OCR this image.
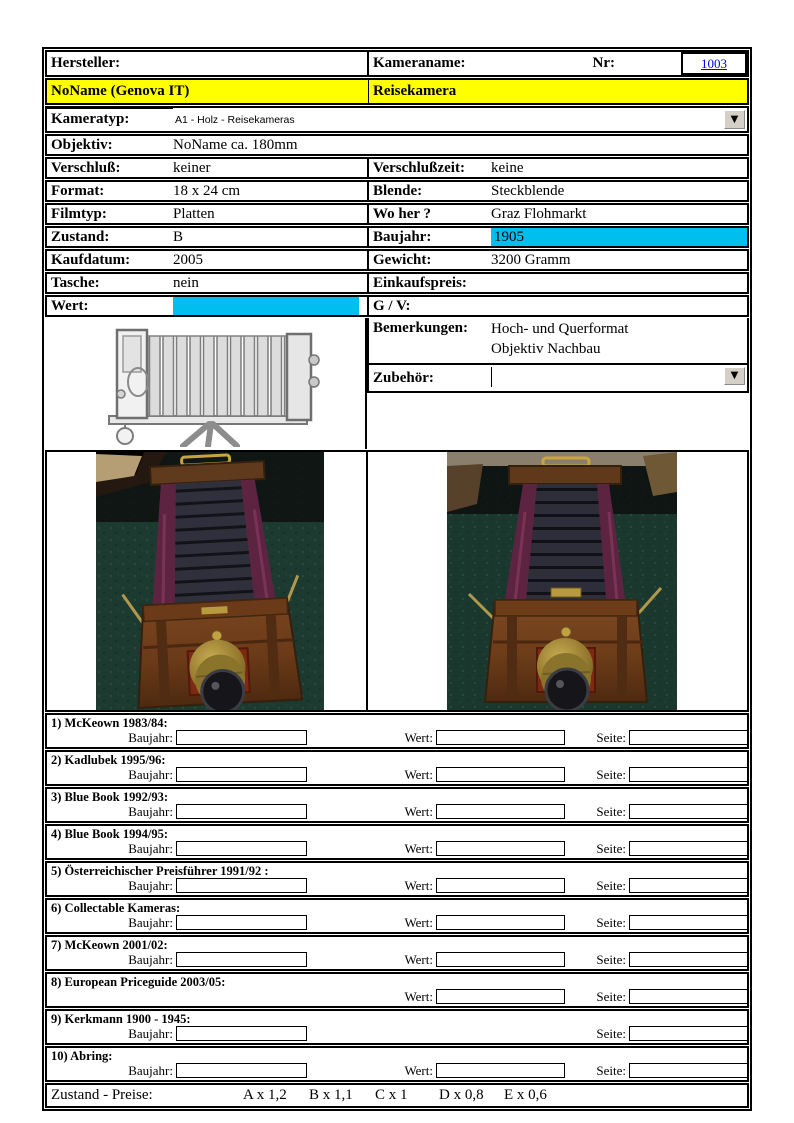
Hersteller:	Kameraname:	Nr:	1003
NoName (Genova IT)	Reisekamera
Kameratyp:	A1 - Holz - Reisekameras	▼
Objektiv:	NoName ca. 180mm
Verschluß:	keiner	Verschlußzeit:	keine
Format:	18 x 24 cm	Blende:	Steckblende
Filmtyp:	Platten	Wo her ?	Graz Flohmarkt
Zustand:	B	Baujahr:	1905
Kaufdatum:	2005	Gewicht:	3200 Gramm
Tasche:	nein	Einkaufspreis:
Wert:	G / V:
Bemerkungen:	Hoch- und Querformat
Objektiv Nachbau
Zubehör:	▼
1) McKeown 1983/84:
Baujahr:	Wert:	Seite:
2) Kadlubek 1995/96:
Baujahr:	Wert:	Seite:
3) Blue Book 1992/93:
Baujahr:	Wert:	Seite:
4) Blue Book 1994/95:
Baujahr:	Wert:	Seite:
5) Österreichischer Preisführer 1991/92 :
Baujahr:	Wert:	Seite:
6) Collectable Kameras:
Baujahr:	Wert:	Seite:
7) McKeown 2001/02:
Baujahr:	Wert:	Seite:
8) European Priceguide 2003/05:
Wert:	Seite:
9) Kerkmann 1900 - 1945:
Baujahr:	Seite:
10) Abring:
Baujahr:	Wert:	Seite:
Zustand - Preise:	A x 1,2 B x 1,1 C x 1 D x 0,8 E x 0,6
